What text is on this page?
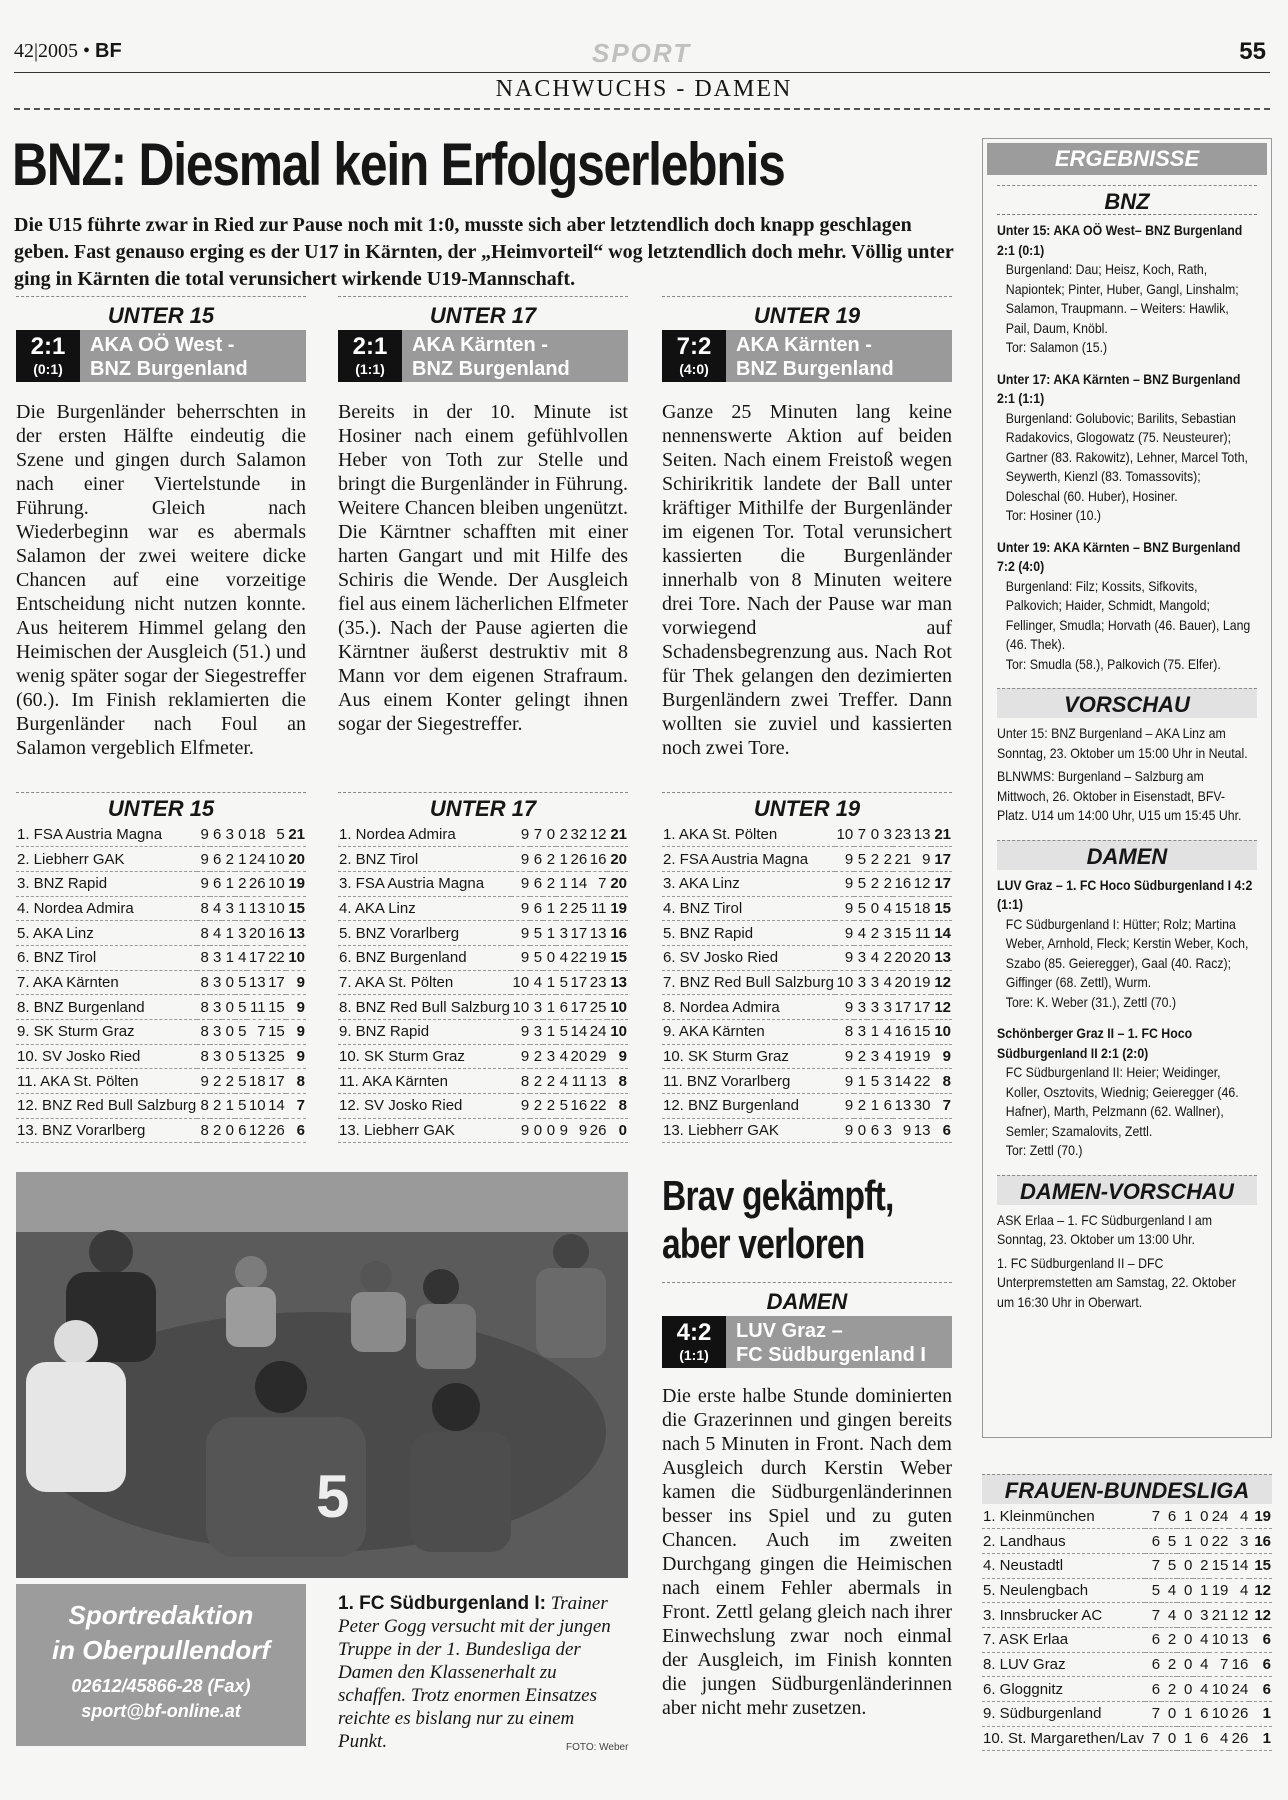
42|2005 • BF	SPORT	55
NACHWUCHS - DAMEN
BNZ: Diesmal kein Erfolgserlebnis
Die U15 führte zwar in Ried zur Pause noch mit 1:0, musste sich aber letztendlich doch knapp geschlagen geben. Fast genauso erging es der U17 in Kärnten, der „Heimvorteil“ wog letztendlich doch mehr. Völlig unter ging in Kärnten die total verunsichert wirkende U19-Mannschaft.
UNTER 15
2:1
(0:1)
AKA OÖ West -
BNZ Burgenland
Die Burgenländer beherrschten in der ersten Hälfte eindeutig die Szene und gingen durch Salamon nach einer Viertelstunde in Führung. Gleich nach Wiederbeginn war es abermals Salamon der zwei weitere dicke Chancen auf eine vorzeitige Entscheidung nicht nutzen konnte. Aus heiterem Himmel gelang den Heimischen der Ausgleich (51.) und wenig später sogar der Siegestreffer (60.). Im Finish reklamierten die Burgenländer nach Foul an Salamon vergeblich Elfmeter.
UNTER 17
2:1
(1:1)
AKA Kärnten -
BNZ Burgenland
Bereits in der 10. Minute ist Hosiner nach einem gefühlvollen Heber von Toth zur Stelle und bringt die Burgenländer in Führung. Weitere Chancen bleiben ungenützt. Die Kärntner schafften mit einer harten Gangart und mit Hilfe des Schiris die Wende. Der Ausgleich fiel aus einem lächerlichen Elfmeter (35.). Nach der Pause agierten die Kärntner äußerst destruktiv mit 8 Mann vor dem eigenen Strafraum. Aus einem Konter gelingt ihnen sogar der Siegestreffer.
UNTER 19
7:2
(4:0)
AKA Kärnten -
BNZ Burgenland
Ganze 25 Minuten lang keine nennenswerte Aktion auf beiden Seiten. Nach einem Freistoß wegen Schirikritik landete der Ball unter kräftiger Mithilfe der Burgenländer im eigenen Tor. Total verunsichert kassierten die Burgenländer innerhalb von 8 Minuten weitere drei Tore. Nach der Pause war man vorwiegend auf Schadensbegrenzung aus. Nach Rot für Thek gelangen den dezimierten Burgenländern zwei Treffer. Dann wollten sie zuviel und kassierten noch zwei Tore.
UNTER 15
1. FSA Austria Magna	9	6	3	0	18	5	21
2. Liebherr GAK	9	6	2	1	24	10	20
3. BNZ Rapid	9	6	1	2	26	10	19
4. Nordea Admira	8	4	3	1	13	10	15
5. AKA Linz	8	4	1	3	20	16	13
6. BNZ Tirol	8	3	1	4	17	22	10
7. AKA Kärnten	8	3	0	5	13	17	9
8. BNZ Burgenland	8	3	0	5	11	15	9
9. SK Sturm Graz	8	3	0	5	7	15	9
10. SV Josko Ried	8	3	0	5	13	25	9
11. AKA St. Pölten	9	2	2	5	18	17	8
12. BNZ Red Bull Salzburg	8	2	1	5	10	14	7
13. BNZ Vorarlberg	8	2	0	6	12	26	6
UNTER 17
1. Nordea Admira	9	7	0	2	32	12	21
2. BNZ Tirol	9	6	2	1	26	16	20
3. FSA Austria Magna	9	6	2	1	14	7	20
4. AKA Linz	9	6	1	2	25	11	19
5. BNZ Vorarlberg	9	5	1	3	17	13	16
6. BNZ Burgenland	9	5	0	4	22	19	15
7. AKA St. Pölten	10	4	1	5	17	23	13
8. BNZ Red Bull Salzburg	10	3	1	6	17	25	10
9. BNZ Rapid	9	3	1	5	14	24	10
10. SK Sturm Graz	9	2	3	4	20	29	9
11. AKA Kärnten	8	2	2	4	11	13	8
12. SV Josko Ried	9	2	2	5	16	22	8
13. Liebherr GAK	9	0	0	9	9	26	0
UNTER 19
1. AKA St. Pölten	10	7	0	3	23	13	21
2. FSA Austria Magna	9	5	2	2	21	9	17
3. AKA Linz	9	5	2	2	16	12	17
4. BNZ Tirol	9	5	0	4	15	18	15
5. BNZ Rapid	9	4	2	3	15	11	14
6. SV Josko Ried	9	3	4	2	20	20	13
7. BNZ Red Bull Salzburg	10	3	3	4	20	19	12
8. Nordea Admira	9	3	3	3	17	17	12
9. AKA Kärnten	8	3	1	4	16	15	10
10. SK Sturm Graz	9	2	3	4	19	19	9
11. BNZ Vorarlberg	9	1	5	3	14	22	8
12. BNZ Burgenland	9	2	1	6	13	30	7
13. Liebherr GAK	9	0	6	3	9	13	6
5
Sportredaktion
in Oberpullendorf
02612/45866-28 (Fax)
sport@bf-online.at
1. FC Südburgenland I: Trainer Peter Gogg versucht mit der jungen Truppe in der 1. Bundesliga der Damen den Klassenerhalt zu schaffen. Trotz enormen Einsatzes reichte es bislang nur zu einem Punkt.	FOTO: Weber
Brav gekämpft,
aber verloren
DAMEN
4:2
(1:1)
LUV Graz –
FC Südburgenland I
Die erste halbe Stunde dominierten die Grazerinnen und gingen bereits nach 5 Minuten in Front. Nach dem Ausgleich durch Kerstin Weber kamen die Südburgenländerinnen besser ins Spiel und zu guten Chancen. Auch im zweiten Durchgang gingen die Heimischen nach einem Fehler abermals in Front. Zettl gelang gleich nach ihrer Einwechslung zwar noch einmal der Ausgleich, im Finish konnten die jungen Südburgenländerinnen aber nicht mehr zusetzen.
ERGEBNISSE
BNZ
Unter 15: AKA OÖ West– BNZ Burgenland 2:1 (0:1)
Burgenland: Dau; Heisz, Koch, Rath, Napiontek; Pinter, Huber, Gangl, Linshalm; Salamon, Traupmann. – Weiters: Hawlik, Pail, Daum, Knöbl.
Tor: Salamon (15.)
Unter 17: AKA Kärnten – BNZ Burgenland 2:1 (1:1)
Burgenland: Golubovic; Barilits, Sebastian Radakovics, Glogowatz (75. Neusteurer); Gartner (83. Rakowitz), Lehner, Marcel Toth, Seywerth, Kienzl (83. Tomassovits); Doleschal (60. Huber), Hosiner.
Tor: Hosiner (10.)
Unter 19: AKA Kärnten – BNZ Burgenland 7:2 (4:0)
Burgenland: Filz; Kossits, Sifkovits, Palkovich; Haider, Schmidt, Mangold; Fellinger, Smudla; Horvath (46. Bauer), Lang (46. Thek).
Tor: Smudla (58.), Palkovich (75. Elfer).
VORSCHAU
Unter 15: BNZ Burgenland – AKA Linz am Sonntag, 23. Oktober um 15:00 Uhr in Neutal.
BLNWMS: Burgenland – Salzburg am Mittwoch, 26. Oktober in Eisenstadt, BFV-Platz. U14 um 14:00 Uhr, U15 um 15:45 Uhr.
DAMEN
LUV Graz – 1. FC Hoco Südburgenland I 4:2 (1:1)
FC Südburgenland I: Hütter; Rolz; Martina Weber, Arnhold, Fleck; Kerstin Weber, Koch, Szabo (85. Geieregger), Gaal (40. Racz); Giffinger (68. Zettl), Wurm.
Tore: K. Weber (31.), Zettl (70.)
Schönberger Graz II – 1. FC Hoco Südburgenland II 2:1 (2:0)
FC Südburgenland II: Heier; Weidinger, Koller, Osztovits, Wiednig; Geieregger (46. Hafner), Marth, Pelzmann (62. Wallner), Semler; Szamalovits, Zettl.
Tor: Zettl (70.)
DAMEN-VORSCHAU
ASK Erlaa – 1. FC Südburgenland I am Sonntag, 23. Oktober um 13:00 Uhr.
1. FC Südburgenland II – DFC Unterpremstetten am Samstag, 22. Oktober um 16:30 Uhr in Oberwart.
FRAUEN-BUNDESLIGA
1. Kleinmünchen	7	6	1	0	24	4	19
2. Landhaus	6	5	1	0	22	3	16
4. Neustadtl	7	5	0	2	15	14	15
5. Neulengbach	5	4	0	1	19	4	12
3. Innsbrucker AC	7	4	0	3	21	12	12
7. ASK Erlaa	6	2	0	4	10	13	6
8. LUV Graz	6	2	0	4	7	16	6
6. Gloggnitz	6	2	0	4	10	24	6
9. Südburgenland	7	0	1	6	10	26	1
10. St. Margarethen/Lav	7	0	1	6	4	26	1
